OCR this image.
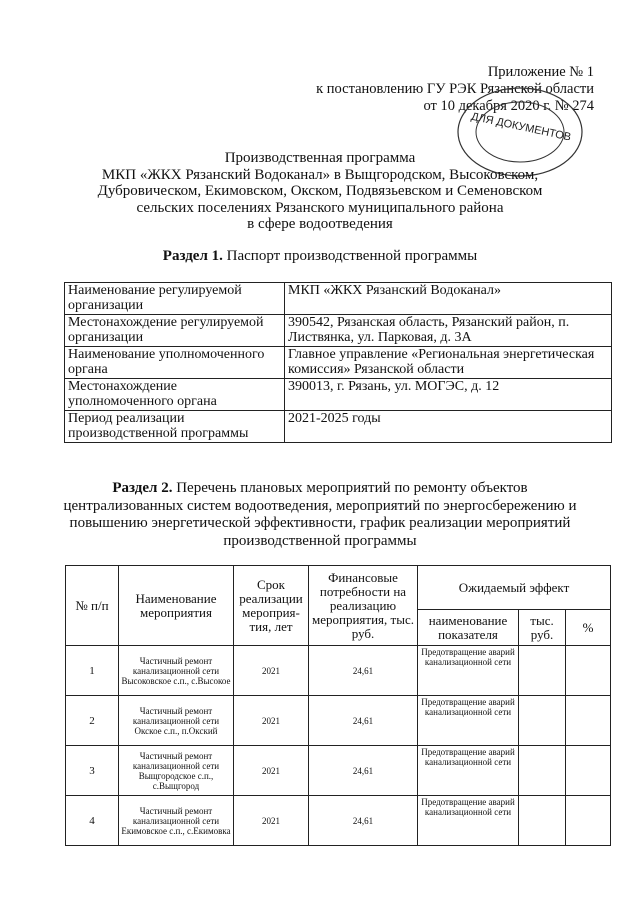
Приложение № 1
к постановлению ГУ РЭК Рязанской области
от 10 декабря 2020 г. № 274
ДЛЯ ДОКУМЕНТОВ
Производственная программа
МКП «ЖКХ Рязанский Водоканал» в Выщгородском, Высоковском,
Дубровическом, Екимовском, Окском, Подвязьевском и Семеновском
сельских поселениях Рязанского муниципального района
в сфере водоотведения
Раздел 1. Паспорт производственной программы
Наименование регулируемой организации	МКП «ЖКХ Рязанский Водоканал»
Местонахождение регулируемой организации	390542, Рязанская область, Рязанский район, п. Листвянка, ул. Парковая, д. 3А
Наименование уполномоченного органа	Главное управление «Региональная энергетическая комиссия» Рязанской области
Местонахождение уполномоченного органа	390013, г. Рязань, ул. МОГЭС, д. 12
Период реализации производственной программы	2021-2025 годы
Раздел 2. Перечень плановых мероприятий по ремонту объектов централизованных систем водоотведения, мероприятий по энергосбережению и повышению энергетической эффективности, график реализации мероприятий производственной программы
№ п/п	Наименование мероприятия	Срок реализации мероприя-тия, лет	Финансовые потребности на реализацию мероприятия, тыс. руб.	Ожидаемый эффект		
				наименование показателя	тыс. руб.	%
1	Частичный ремонт канализационной сети Высоковское с.п., с.Высокое	2021	24,61	Предотвращение аварий канализационной сети		
2	Частичный ремонт канализационной сети Окское с.п., п.Окский	2021	24,61	Предотвращение аварий канализационной сети		
3	Частичный ремонт канализационной сети Выщгородское с.п., с.Выщгород	2021	24,61	Предотвращение аварий канализационной сети		
4	Частичный ремонт канализационной сети Екимовское с.п., с.Екимовка	2021	24,61	Предотвращение аварий канализационной сети		
